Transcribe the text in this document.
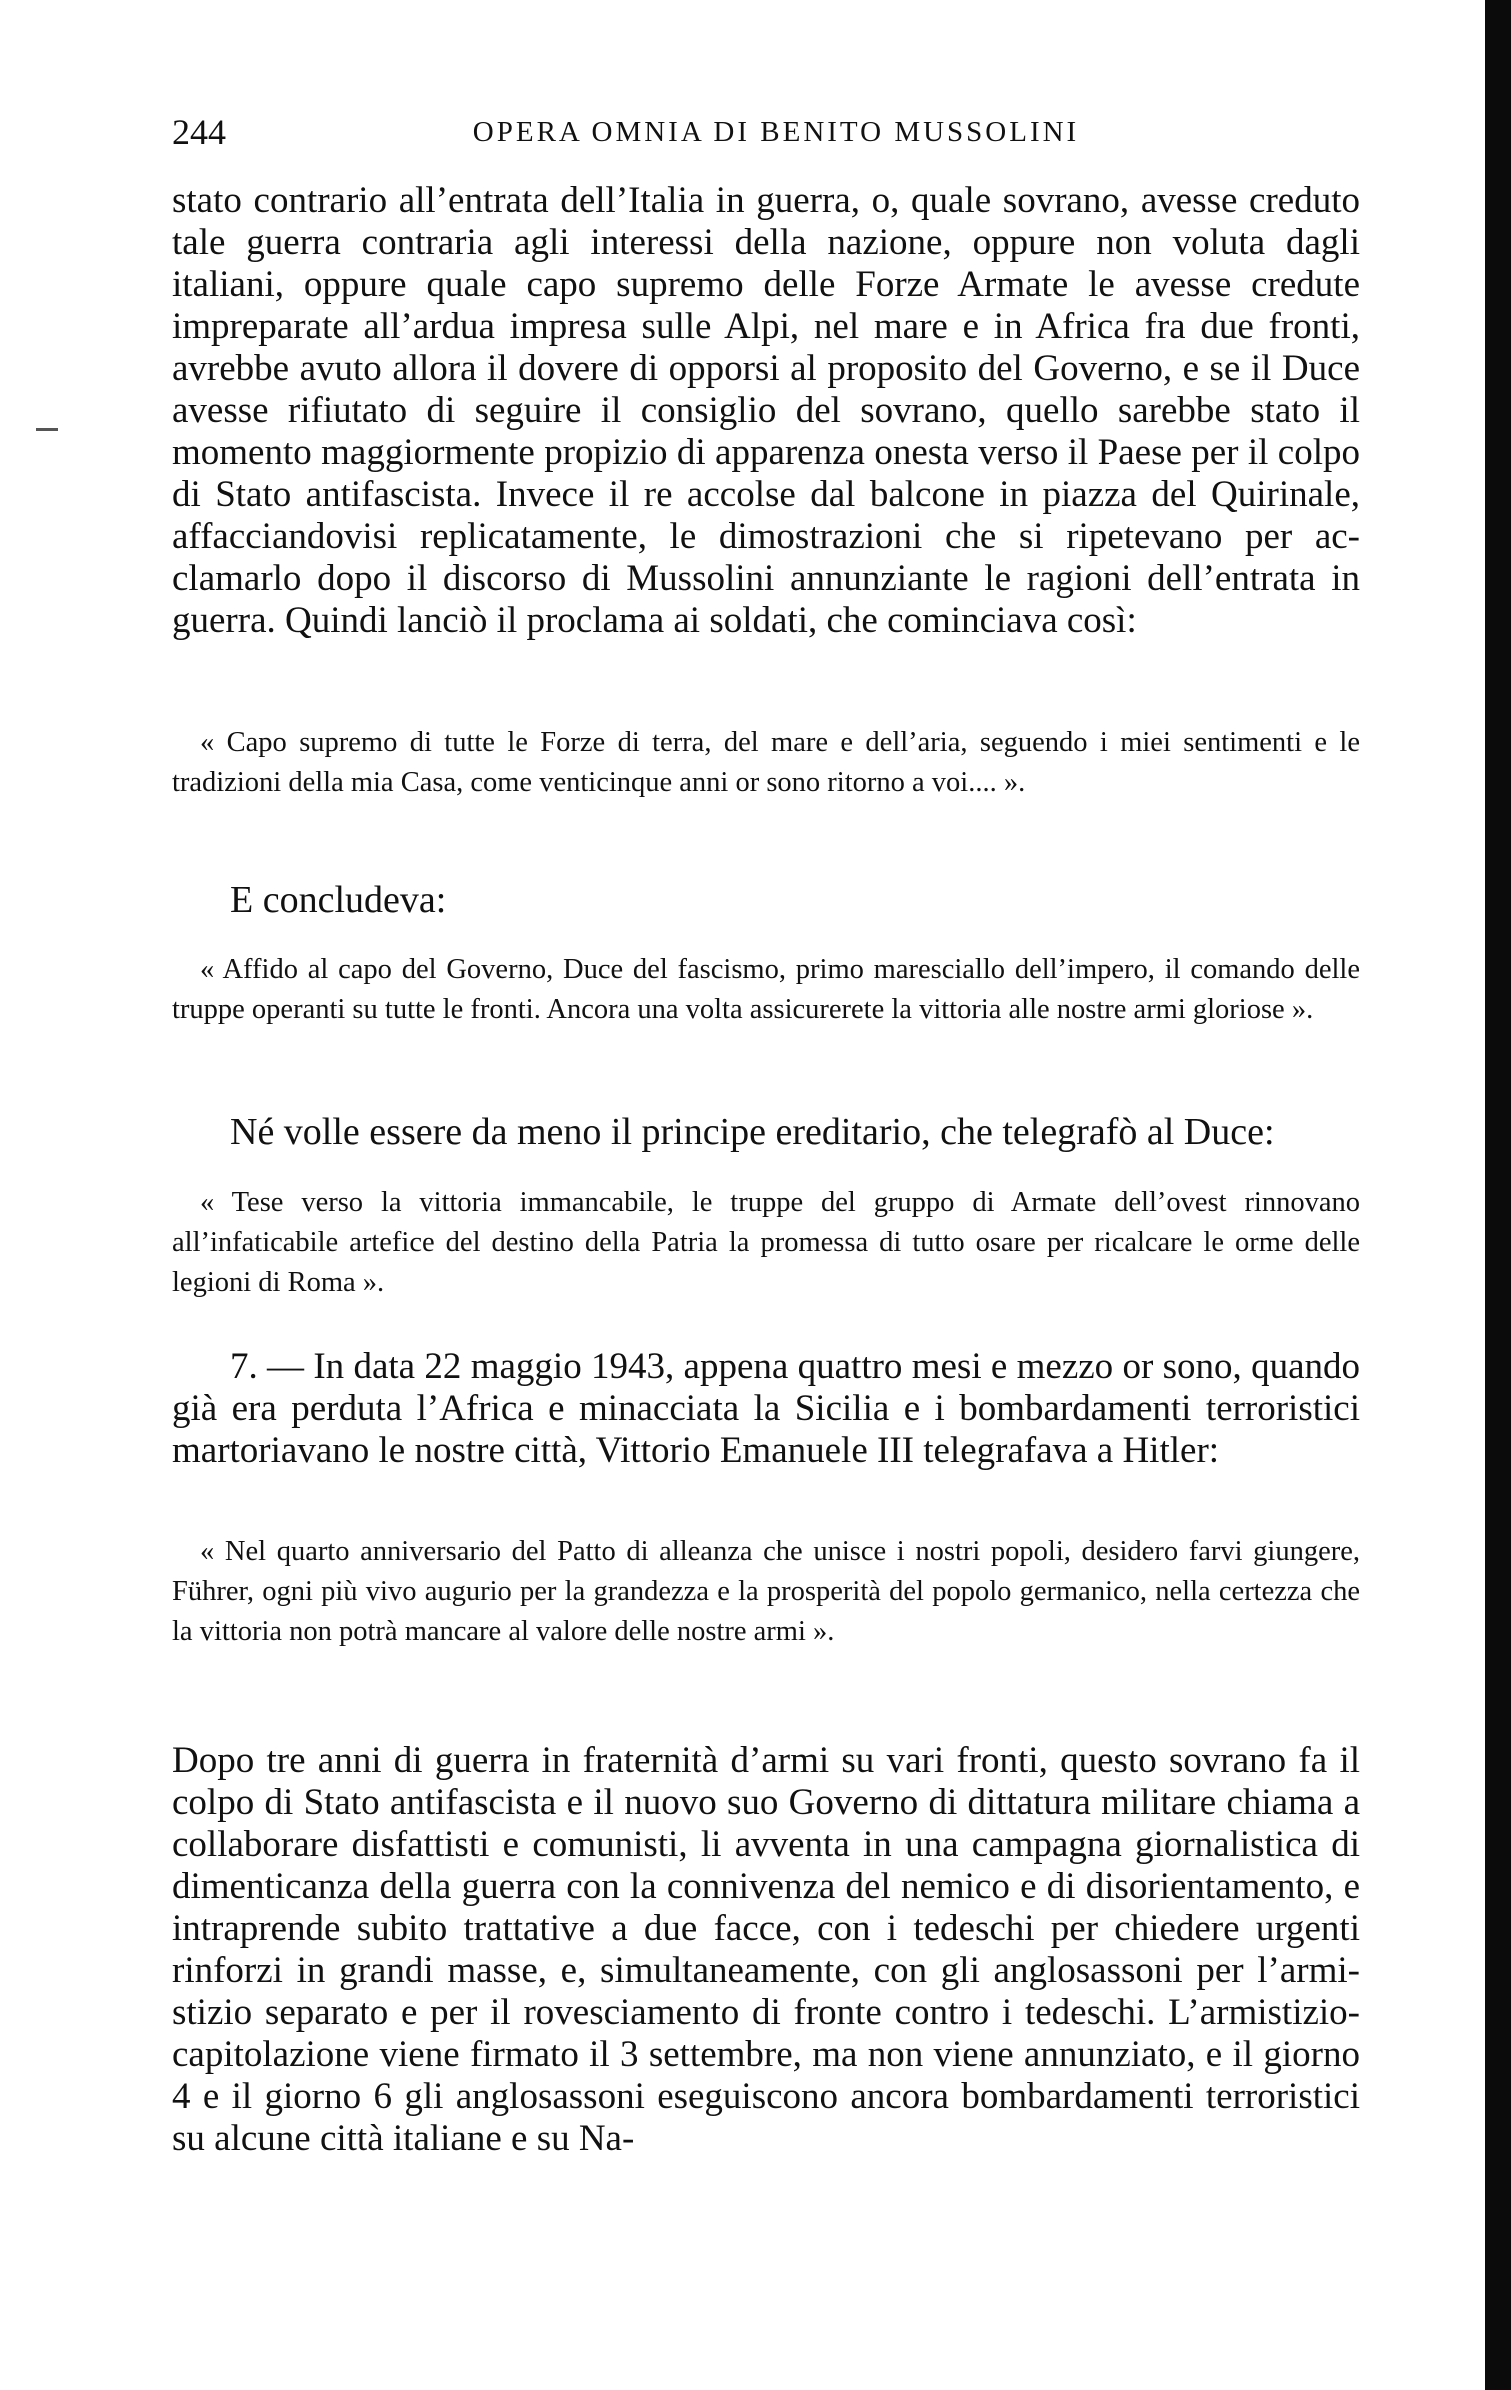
244	OPERA OMNIA DI BENITO MUSSOLINI

stato contrario all’entrata dell’Italia in guerra, o, quale sovrano, avesse creduto tale guerra contraria agli interessi della nazione, oppure non voluta dagli italiani, oppure quale capo supremo delle Forze Armate le avesse credute impreparate all’ardua impresa sulle Alpi, nel mare e in Africa fra due fronti, avrebbe avuto allora il dovere di opporsi al proposito del Governo, e se il Duce avesse rifiutato di seguire il consiglio del sovrano, quello sarebbe stato il momento maggiormente propizio di apparenza onesta verso il Paese per il colpo di Stato antifascista. Invece il re accolse dal balcone in piazza del Quirinale, affacciandovisi replicatamente, le dimostrazioni che si ripetevano per acclamarlo dopo il discorso di Mussolini annunziante le ragioni dell’entrata in guerra. Quindi lanciò il proclama ai soldati, che cominciava così:

« Capo supremo di tutte le Forze di terra, del mare e dell’aria, seguendo i miei sentimenti e le tradizioni della mia Casa, come venticinque anni or sono ritorno a voi.... ».

E concludeva:

« Affido al capo del Governo, Duce del fascismo, primo maresciallo dell’impero, il comando delle truppe operanti su tutte le fronti. Ancora una volta assicurerete la vittoria alle nostre armi gloriose ».

Né volle essere da meno il principe ereditario, che telegrafò al Duce:

« Tese verso la vittoria immancabile, le truppe del gruppo di Armate dell’ovest rinnovano all’infaticabile artefice del destino della Patria la promessa di tutto osare per ricalcare le orme delle legioni di Roma ».

7. — In data 22 maggio 1943, appena quattro mesi e mezzo or sono, quando già era perduta l’Africa e minacciata la Sicilia e i bombardamenti terroristici martoriavano le nostre città, Vittorio Emanuele III telegrafava a Hitler:

« Nel quarto anniversario del Patto di alleanza che unisce i nostri popoli, desidero farvi giungere, Führer, ogni più vivo augurio per la grandezza e la prosperità del popolo germanico, nella certezza che la vittoria non potrà mancare al valore delle nostre armi ».

Dopo tre anni di guerra in fraternità d’armi su vari fronti, questo sovrano fa il colpo di Stato antifascista e il nuovo suo Governo di dittatura militare chiama a collaborare disfattisti e comunisti, li avventa in una campagna giornalistica di dimenticanza della guerra con la connivenza del nemico e di disorientamento, e intraprende subito trattative a due facce, con i tedeschi per chiedere urgenti rinforzi in grandi masse, e, simultaneamente, con gli anglosassoni per l’armistizio separato e per il rovesciamento di fronte contro i tedeschi. L’armistizio-capitolazione viene firmato il 3 settembre, ma non viene annunziato, e il giorno 4 e il giorno 6 gli anglosassoni eseguiscono ancora bombardamenti terroristici su alcune città italiane e su Na-
